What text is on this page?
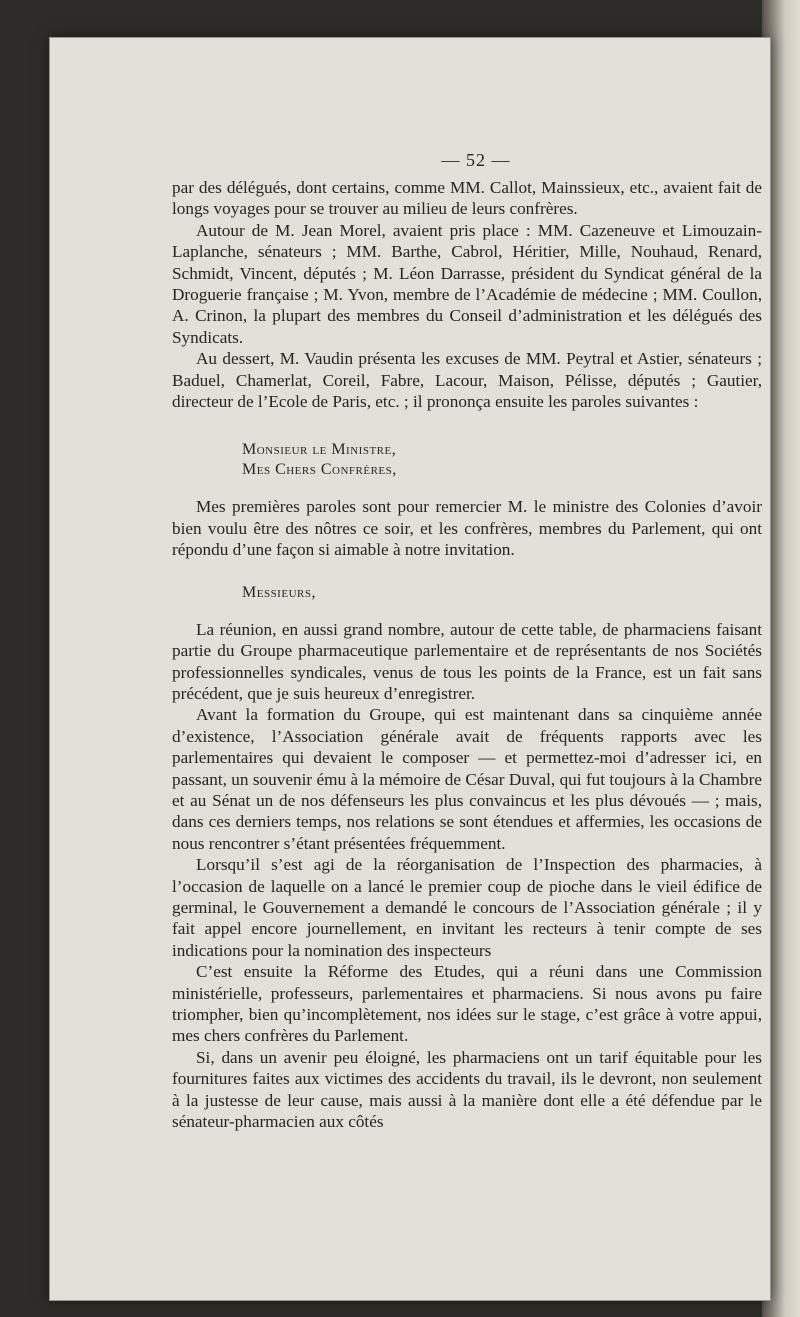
— 52 —

par des délégués, dont certains, comme MM. Callot, Mainssieux, etc., avaient fait de longs voyages pour se trouver au milieu de leurs confrères.

Autour de M. Jean Morel, avaient pris place : MM. Cazeneuve et Limouzain-Laplanche, sénateurs ; MM. Barthe, Cabrol, Héritier, Mille, Nouhaud, Renard, Schmidt, Vincent, députés ; M. Léon Darrasse, président du Syndicat général de la Droguerie française ; M. Yvon, membre de l’Académie de médecine ; MM. Coullon, A. Crinon, la plupart des membres du Conseil d’administration et les délégués des Syndicats.

Au dessert, M. Vaudin présenta les excuses de MM. Peytral et Astier, sénateurs ; Baduel, Chamerlat, Coreil, Fabre, Lacour, Maison, Pélisse, députés ; Gautier, directeur de l’Ecole de Paris, etc. ; il prononça ensuite les paroles suivantes :

Monsieur le Ministre,
Mes Chers Confrères,

Mes premières paroles sont pour remercier M. le ministre des Colonies d’avoir bien voulu être des nôtres ce soir, et les confrères, membres du Parlement, qui ont répondu d’une façon si aimable à notre invitation.

Messieurs,

La réunion, en aussi grand nombre, autour de cette table, de pharmaciens faisant partie du Groupe pharmaceutique parlementaire et de représentants de nos Sociétés professionnelles syndicales, venus de tous les points de la France, est un fait sans précédent, que je suis heureux d’enregistrer.

Avant la formation du Groupe, qui est maintenant dans sa cinquième année d’existence, l’Association générale avait de fréquents rapports avec les parlementaires qui devaient le composer — et permettez-moi d’adresser ici, en passant, un souvenir ému à la mémoire de César Duval, qui fut toujours à la Chambre et au Sénat un de nos défenseurs les plus convaincus et les plus dévoués — ; mais, dans ces derniers temps, nos relations se sont étendues et affermies, les occasions de nous rencontrer s’étant présentées fréquemment.

Lorsqu’il s’est agi de la réorganisation de l’Inspection des pharmacies, à l’occasion de laquelle on a lancé le premier coup de pioche dans le vieil édifice de germinal, le Gouvernement a demandé le concours de l’Association générale ; il y fait appel encore journellement, en invitant les recteurs à tenir compte de ses indications pour la nomination des inspecteurs

C’est ensuite la Réforme des Etudes, qui a réuni dans une Commission ministérielle, professeurs, parlementaires et pharmaciens. Si nous avons pu faire triompher, bien qu’incomplètement, nos idées sur le stage, c’est grâce à votre appui, mes chers confrères du Parlement.

Si, dans un avenir peu éloigné, les pharmaciens ont un tarif équitable pour les fournitures faites aux victimes des accidents du travail, ils le devront, non seulement à la justesse de leur cause, mais aussi à la manière dont elle a été défendue par le sénateur-pharmacien aux côtés
